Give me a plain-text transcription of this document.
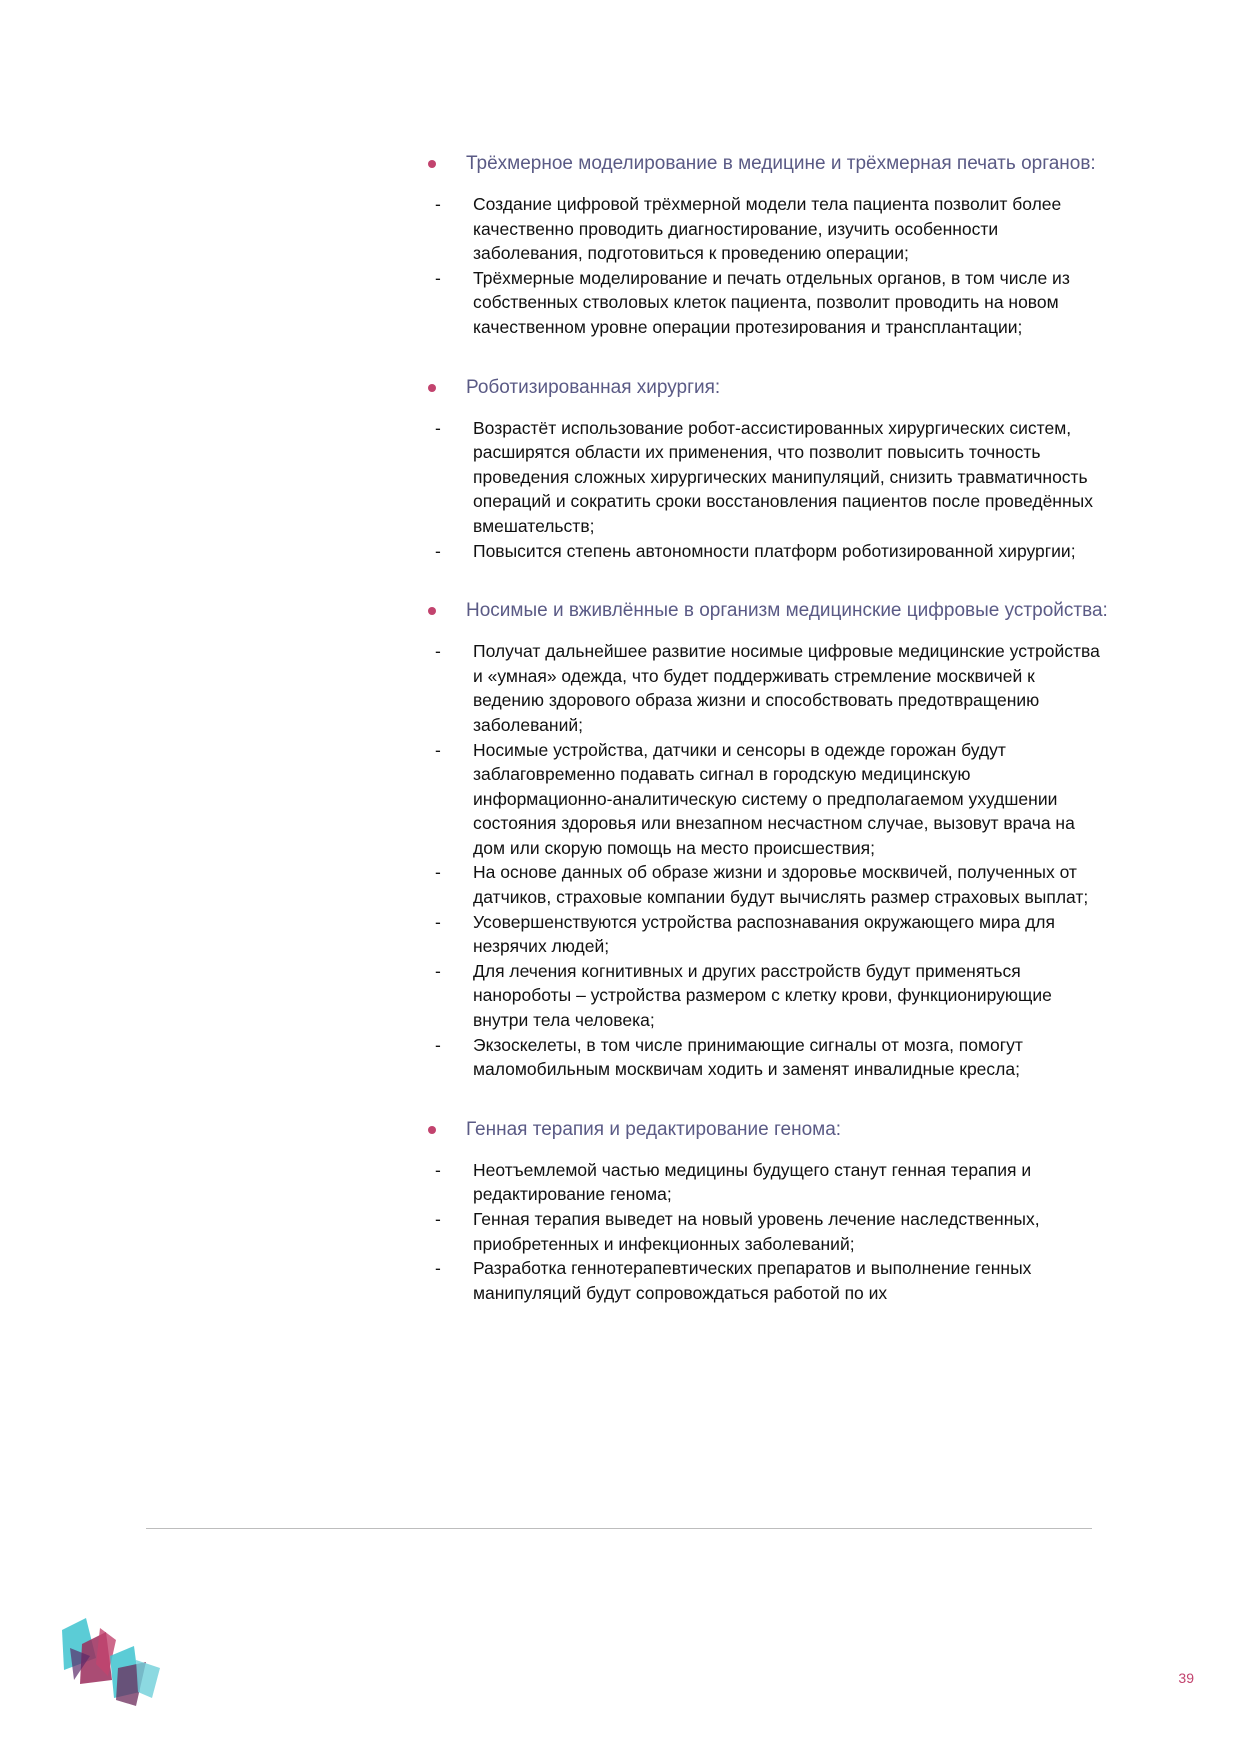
Трёхмерное моделирование в медицине и трёхмерная печать органов:

- Создание цифровой трёхмерной модели тела пациента позволит более качественно проводить диагностирование, изучить особенности заболевания, подготовиться к проведению операции;
- Трёхмерные моделирование и печать отдельных органов, в том числе из собственных стволовых клеток пациента, позволит проводить на новом качественном уровне операции протезирования и трансплантации;

Роботизированная хирургия:

- Возрастёт использование робот-ассистированных хирургических систем, расширятся области их применения, что позволит повысить точность проведения сложных хирургических манипуляций, снизить травматичность операций и сократить сроки восстановления пациентов после проведённых вмешательств;
- Повысится степень автономности платформ роботизированной хирургии;

Носимые и вживлённые в организм медицинские цифровые устройства:

- Получат дальнейшее развитие носимые цифровые медицинские устройства и «умная» одежда, что будет поддерживать стремление москвичей к ведению здорового образа жизни и способствовать предотвращению заболеваний;
- Носимые устройства, датчики и сенсоры в одежде горожан будут заблаговременно подавать сигнал в городскую медицинскую информационно-аналитическую систему о предполагаемом ухудшении состояния здоровья или внезапном несчастном случае, вызовут врача на дом или скорую помощь на место происшествия;
- На основе данных об образе жизни и здоровье москвичей, полученных от датчиков, страховые компании будут вычислять размер страховых выплат;
- Усовершенствуются устройства распознавания окружающего мира для незрячих людей;
- Для лечения когнитивных и других расстройств будут применяться нанороботы – устройства размером с клетку крови, функционирующие внутри тела человека;
- Экзоскелеты, в том числе принимающие сигналы от мозга, помогут маломобильным москвичам ходить и заменят инвалидные кресла;

Генная терапия и редактирование генома:

- Неотъемлемой частью медицины будущего станут генная терапия и редактирование генома;
- Генная терапия выведет на новый уровень лечение наследственных, приобретенных и инфекционных заболеваний;
- Разработка геннотерапевтических препаратов и выполнение генных манипуляций будут сопровождаться работой по их
39
